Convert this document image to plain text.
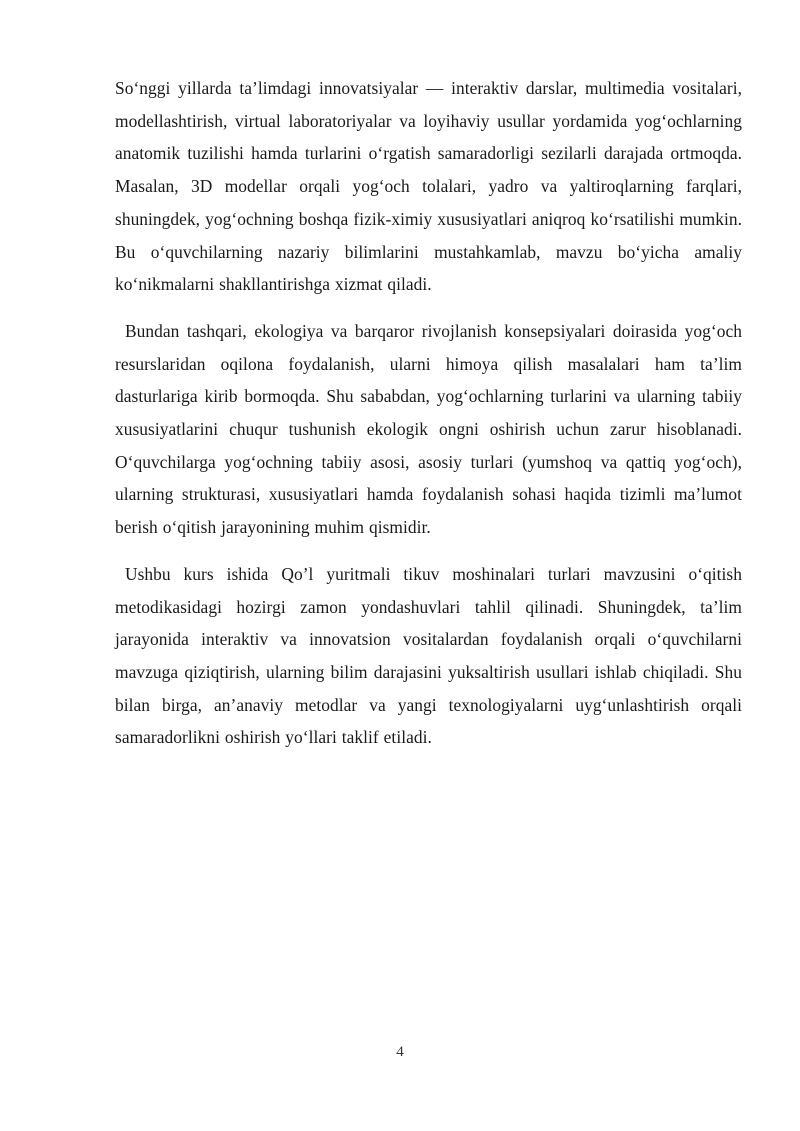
So‘nggi yillarda ta’limdagi innovatsiyalar — interaktiv darslar, multimedia vositalari, modellashtirish, virtual laboratoriyalar va loyihaviy usullar yordamida yog‘ochlarning anatomik tuzilishi hamda turlarini o‘rgatish samaradorligi sezilarli darajada ortmoqda. Masalan, 3D modellar orqali yog‘och tolalari, yadro va yaltiroqlarning farqlari, shuningdek, yog‘ochning boshqa fizik-ximiy xususiyatlari aniqroq ko‘rsatilishi mumkin. Bu o‘quvchilarning nazariy bilimlarini mustahkamlab, mavzu bo‘yicha amaliy ko‘nikmalarni shakllantirishga xizmat qiladi.

Bundan tashqari, ekologiya va barqaror rivojlanish konsepsiyalari doirasida yog‘och resurslaridan oqilona foydalanish, ularni himoya qilish masalalari ham ta’lim dasturlariga kirib bormoqda. Shu sababdan, yog‘ochlarning turlarini va ularning tabiiy xususiyatlarini chuqur tushunish ekologik ongni oshirish uchun zarur hisoblanadi. O‘quvchilarga yog‘ochning tabiiy asosi, asosiy turlari (yumshoq va qattiq yog‘och), ularning strukturasi, xususiyatlari hamda foydalanish sohasi haqida tizimli ma’lumot berish o‘qitish jarayonining muhim qismidir.

Ushbu kurs ishida Qo’l yuritmali tikuv moshinalari turlari mavzusini o‘qitish metodikasidagi hozirgi zamon yondashuvlari tahlil qilinadi. Shuningdek, ta’lim jarayonida interaktiv va innovatsion vositalardan foydalanish orqali o‘quvchilarni mavzuga qiziqtirish, ularning bilim darajasini yuksaltirish usullari ishlab chiqiladi. Shu bilan birga, an’anaviy metodlar va yangi texnologiyalarni uyg‘unlashtirish orqali samaradorlikni oshirish yo‘llari taklif etiladi.

4
